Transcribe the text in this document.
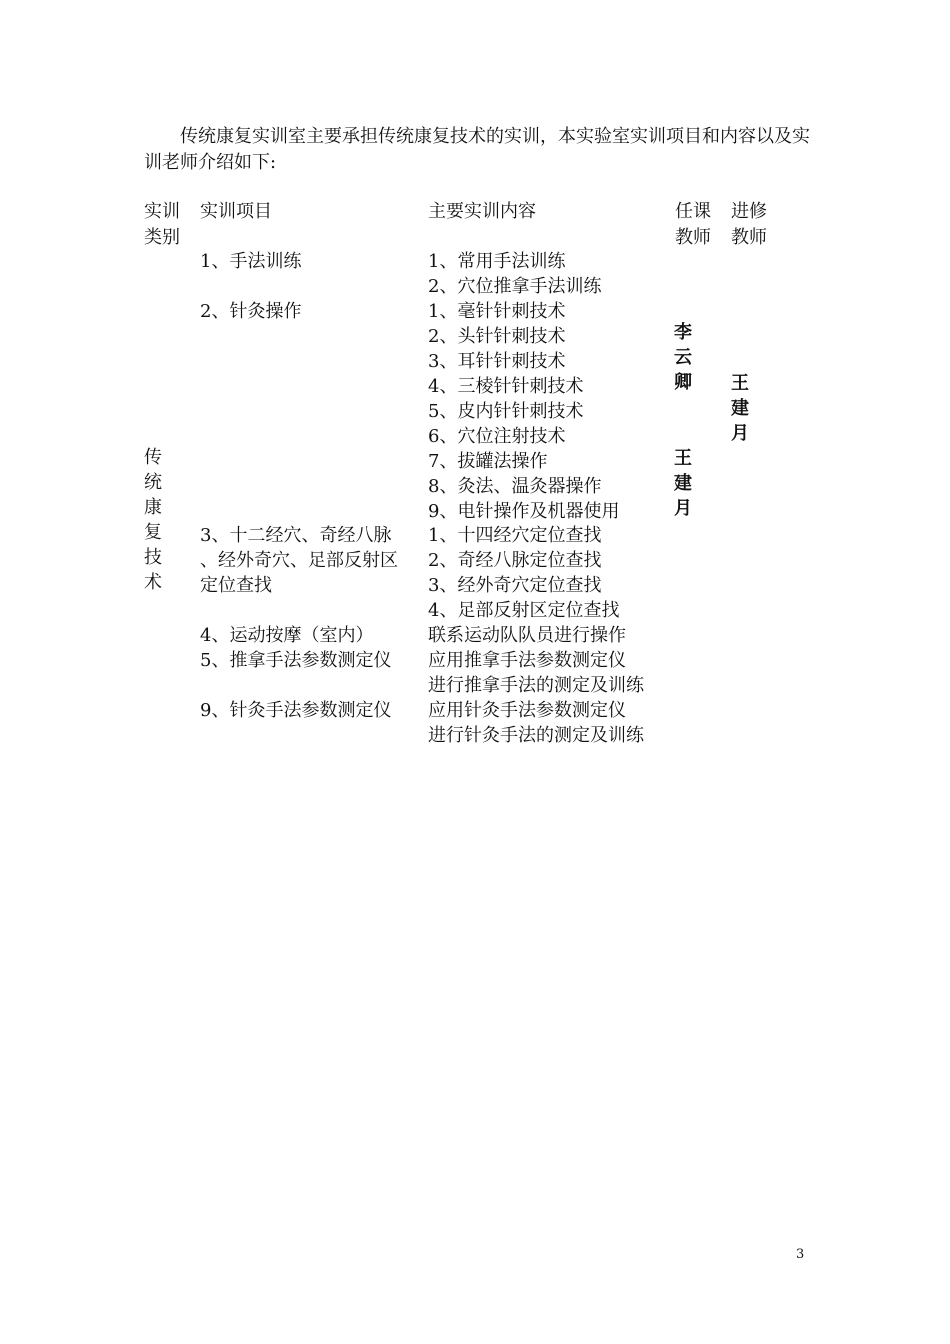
传统康复实训室主要承担传统康复技术的实训，本实验室实训项目和内容以及实训老师介绍如下:

实训类别
实训项目	主要实训内容	任课教师
进修教师
传统康复技术
1、手法训练
2、针灸操作
3、十二经穴、奇经八脉
、经外奇穴、足部反射区
定位查找
4、运动按摩（室内）
5、推拿手法参数测定仪
9、针灸手法参数测定仪
1、常用手法训练
2、穴位推拿手法训练
1、毫针针刺技术
2、头针针刺技术
3、耳针针刺技术
4、三棱针针刺技术
5、皮内针针刺技术
6、穴位注射技术
7、拔罐法操作
8、灸法、温灸器操作
9、电针操作及机器使用
1、十四经穴定位查找
2、奇经八脉定位查找
3、经外奇穴定位查找
4、足部反射区定位查找
联系运动队队员进行操作
应用推拿手法参数测定仪
进行推拿手法的测定及训练
应用针灸手法参数测定仪
进行针灸手法的测定及训练
李云卿
王建月
王建月
3
